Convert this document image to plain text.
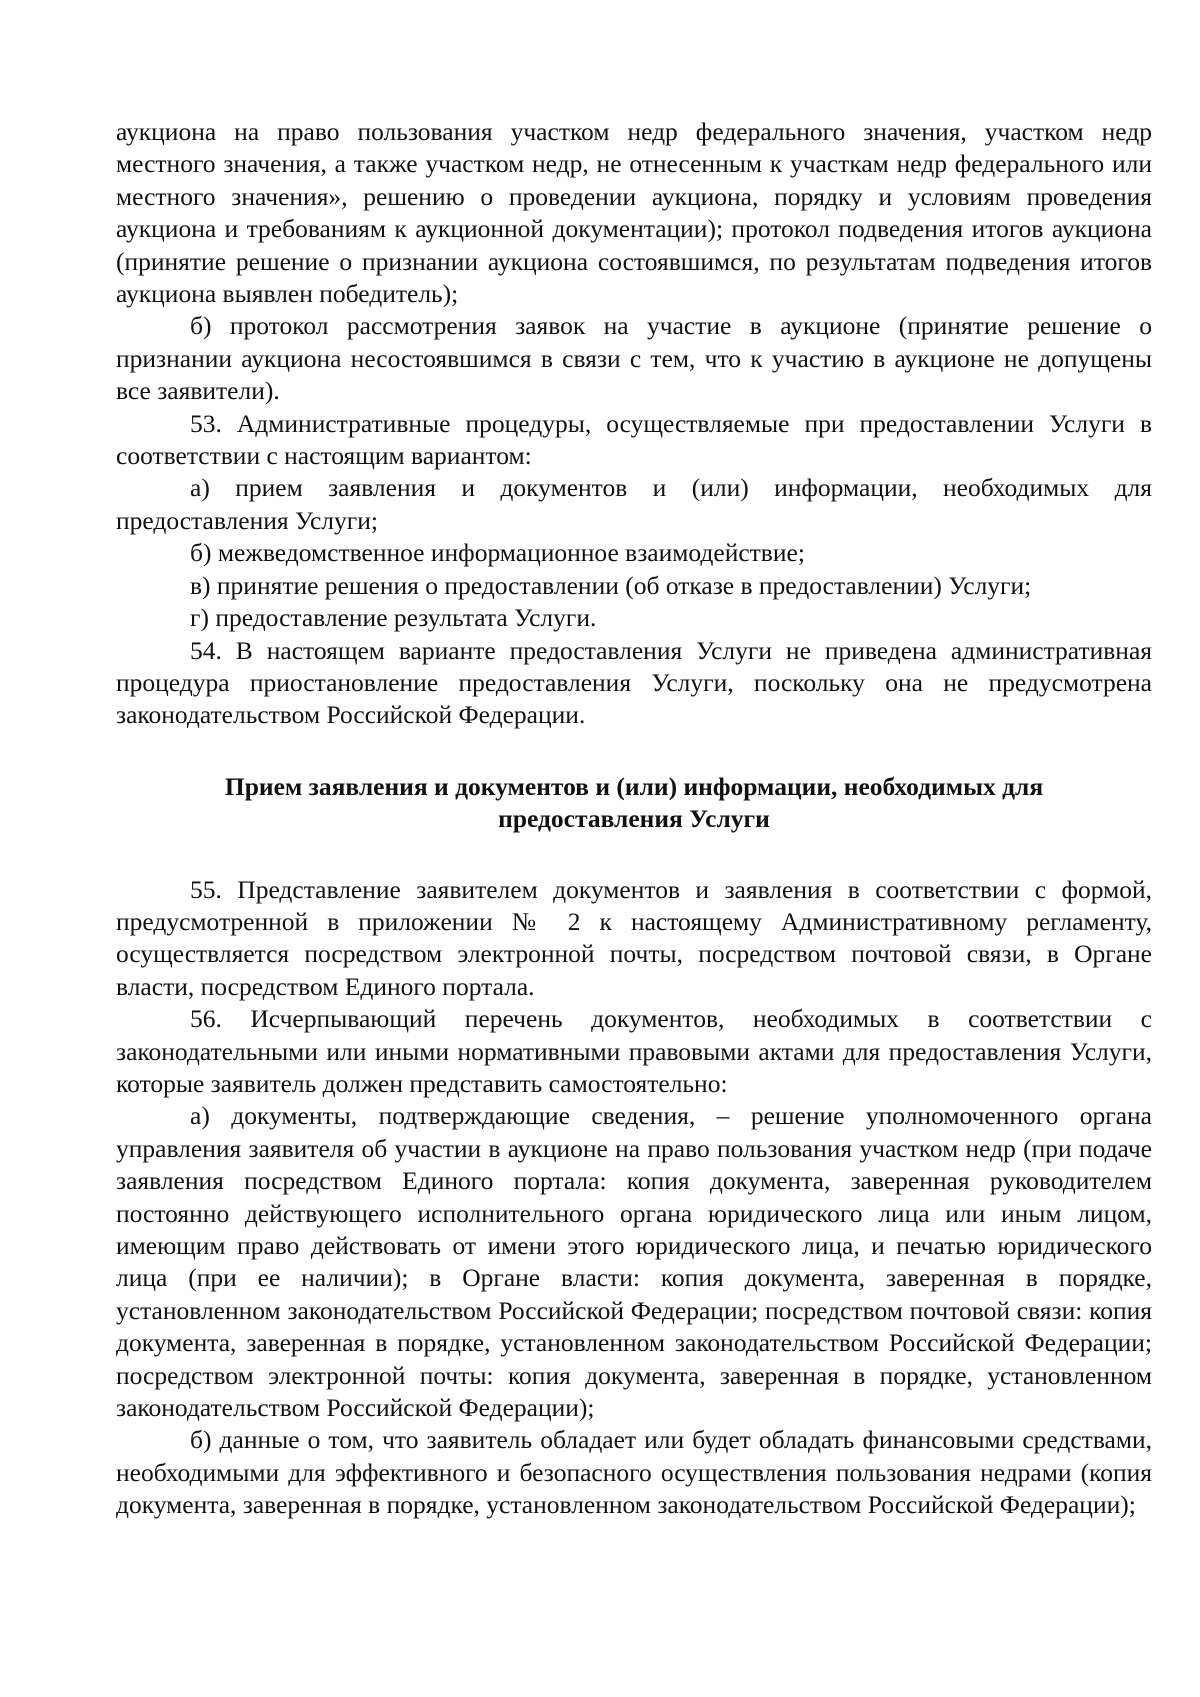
аукциона на право пользования участком недр федерального значения, участком недр местного значения, а также участком недр, не отнесенным к участкам недр федерального или местного значения», решению о проведении аукциона, порядку и условиям проведения аукциона и требованиям к аукционной документации); протокол подведения итогов аукциона (принятие решение о признании аукциона состоявшимся, по результатам подведения итогов аукциона выявлен победитель);

б) протокол рассмотрения заявок на участие в аукционе (принятие решение о признании аукциона несостоявшимся в связи с тем, что к участию в аукционе не допущены все заявители).

53. Административные процедуры, осуществляемые при предоставлении Услуги в соответствии с настоящим вариантом:

а) прием заявления и документов и (или) информации, необходимых для предоставления Услуги;

б) межведомственное информационное взаимодействие;

в) принятие решения о предоставлении (об отказе в предоставлении) Услуги;

г) предоставление результата Услуги.

54. В настоящем варианте предоставления Услуги не приведена административная процедура приостановление предоставления Услуги, поскольку она не предусмотрена законодательством Российской Федерации.

Прием заявления и документов и (или) информации, необходимых для
предоставления Услуги

55. Представление заявителем документов и заявления в соответствии с формой, предусмотренной в приложении № 2 к настоящему Административному регламенту, осуществляется посредством электронной почты, посредством почтовой связи, в Органе власти, посредством Единого портала.

56. Исчерпывающий перечень документов, необходимых в соответствии с законодательными или иными нормативными правовыми актами для предоставления Услуги, которые заявитель должен представить самостоятельно:

а) документы, подтверждающие сведения, – решение уполномоченного органа управления заявителя об участии в аукционе на право пользования участком недр (при подаче заявления посредством Единого портала: копия документа, заверенная руководителем постоянно действующего исполнительного органа юридического лица или иным лицом, имеющим право действовать от имени этого юридического лица, и печатью юридического лица (при ее наличии); в Органе власти: копия документа, заверенная в порядке, установленном законодательством Российской Федерации; посредством почтовой связи: копия документа, заверенная в порядке, установленном законодательством Российской Федерации; посредством электронной почты: копия документа, заверенная в порядке, установленном законодательством Российской Федерации);

б) данные о том, что заявитель обладает или будет обладать финансовыми средствами, необходимыми для эффективного и безопасного осуществления пользования недрами (копия документа, заверенная в порядке, установленном законодательством Российской Федерации);
